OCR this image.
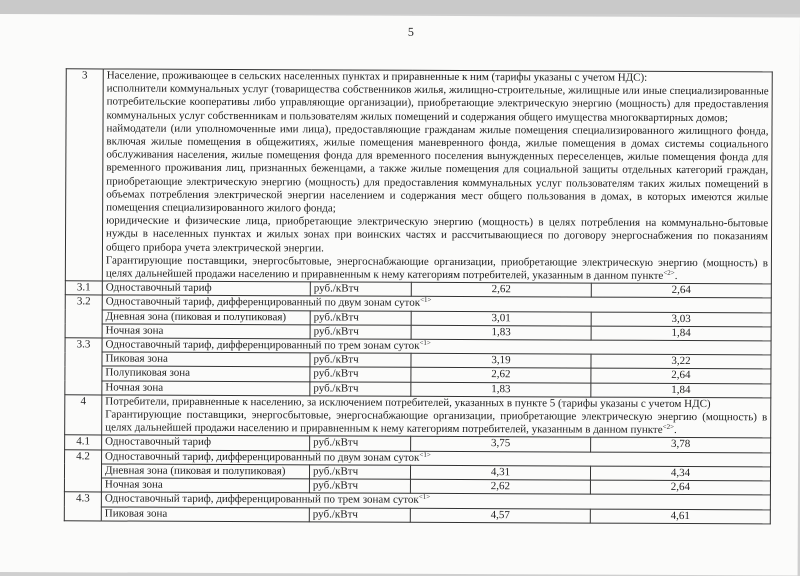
5
3	Население, проживающее в сельских населенных пунктах и приравненные к ним (тарифы указаны с учетом НДС):

исполнители коммунальных услуг (товарищества собственников жилья, жилищно-строительные, жилищные или иные специализированные потребительские кооперативы либо управляющие организации), приобретающие электрическую энергию (мощность) для предоставления коммунальных услуг собственникам и пользователям жилых помещений и содержания общего имущества многоквартирных домов;

наймодатели (или уполномоченные ими лица), предоставляющие гражданам жилые помещения специализированного жилищного фонда, включая жилые помещения в общежитиях, жилые помещения маневренного фонда, жилые помещения в домах системы социального обслуживания населения, жилые помещения фонда для временного поселения вынужденных переселенцев, жилые помещения фонда для временного проживания лиц, признанных беженцами, а также жилые помещения для социальной защиты отдельных категорий граждан, приобретающие электрическую энергию (мощность) для предоставления коммунальных услуг пользователям таких жилых помещений в объемах потребления электрической энергии населением и содержания мест общего пользования в домах, в которых имеются жилые помещения специализированного жилого фонда;

юридические и физические лица, приобретающие электрическую энергию (мощность) в целях потребления на коммунально-бытовые нужды в населенных пунктах и жилых зонах при воинских частях и рассчитывающиеся по договору энергоснабжения по показаниям общего прибора учета электрической энергии.

Гарантирующие поставщики, энергосбытовые, энергоснабжающие организации, приобретающие электрическую энергию (мощность) в целях дальнейшей продажи населению и приравненным к нему категориям потребителей, указанным в данном пункте$^{<2>}$.			

3.1	Одноставочный тариф	руб./кВтч	2,62	2,64
3.2	Одноставочный тариф, дифференцированный по двум зонам суток$^{<1>}$
	Дневная зона (пиковая и полупиковая)	руб./кВтч	3,01	3,03
	Ночная зона	руб./кВтч	1,83	1,84
3.3	Одноставочный тариф, дифференцированный по трем зонам суток$^{<1>}$
	Пиковая зона	руб./кВтч	3,19	3,22
	Полупиковая зона	руб./кВтч	2,62	2,64
	Ночная зона	руб./кВтч	1,83	1,84
4	Потребители, приравненные к населению, за исключением потребителей, указанных в пункте 5 (тарифы указаны с учетом НДС)

Гарантирующие поставщики, энергосбытовые, энергоснабжающие организации, приобретающие электрическую энергию (мощность) в целях дальнейшей продажи населению и приравненным к нему категориям потребителей, указанным в данном пункте$^{<2>}$.			

4.1	Одноставочный тариф	руб./кВтч	3,75	3,78
4.2	Одноставочный тариф, дифференцированный по двум зонам суток$^{<1>}$
	Дневная зона (пиковая и полупиковая)	руб./кВтч	4,31	4,34
	Ночная зона	руб./кВтч	2,62	2,64
4.3	Одноставочный тариф, дифференцированный по трем зонам суток$^{<1>}$
	Пиковая зона	руб./кВтч	4,57	4,61
